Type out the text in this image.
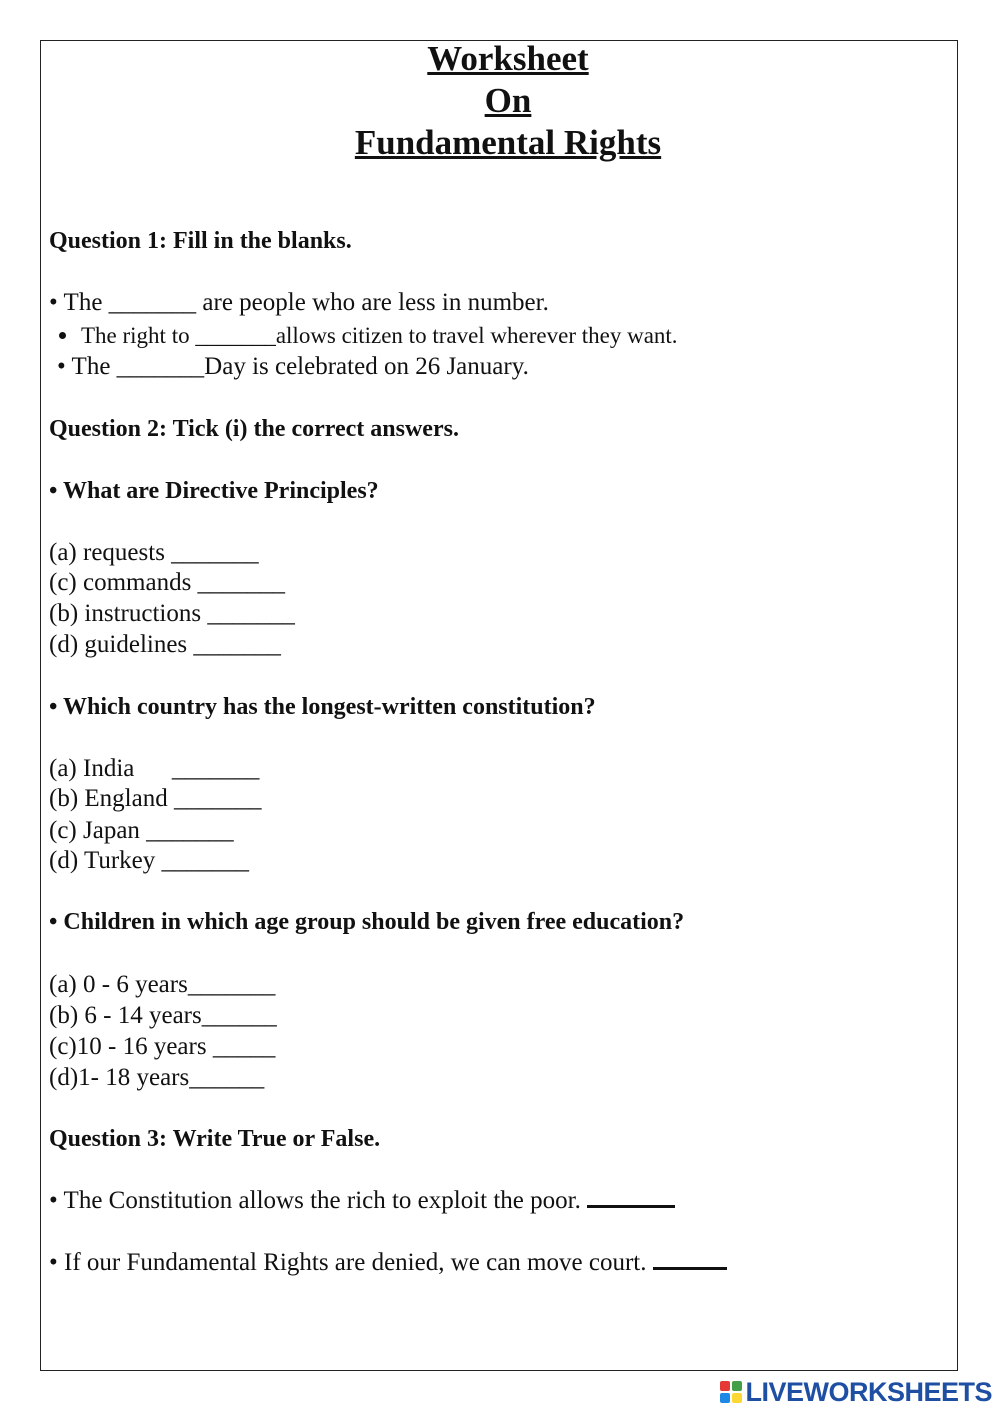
Worksheet
On
Fundamental Rights
Question 1: Fill in the blanks.
• The _______ are people who are less in number.
The right to _______allows citizen to travel wherever they want.
• The _______Day is celebrated on 26 January.
Question 2: Tick (i) the correct answers.
• What are Directive Principles?
(a) requests _______
(c) commands _______
(b) instructions _______
(d) guidelines _______
• Which country has the longest-written constitution?
(a) India      _______
(b) England _______
(c) Japan _______
(d) Turkey _______
• Children in which age group should be given free education?
(a) 0 - 6 years_______
(b) 6 - 14 years______
(c)10 - 16 years _____
(d)1- 18 years______
Question 3: Write True or False.
• The Constitution allows the rich to exploit the poor.
• If our Fundamental Rights are denied, we can move court.
LIVEWORKSHEETS
